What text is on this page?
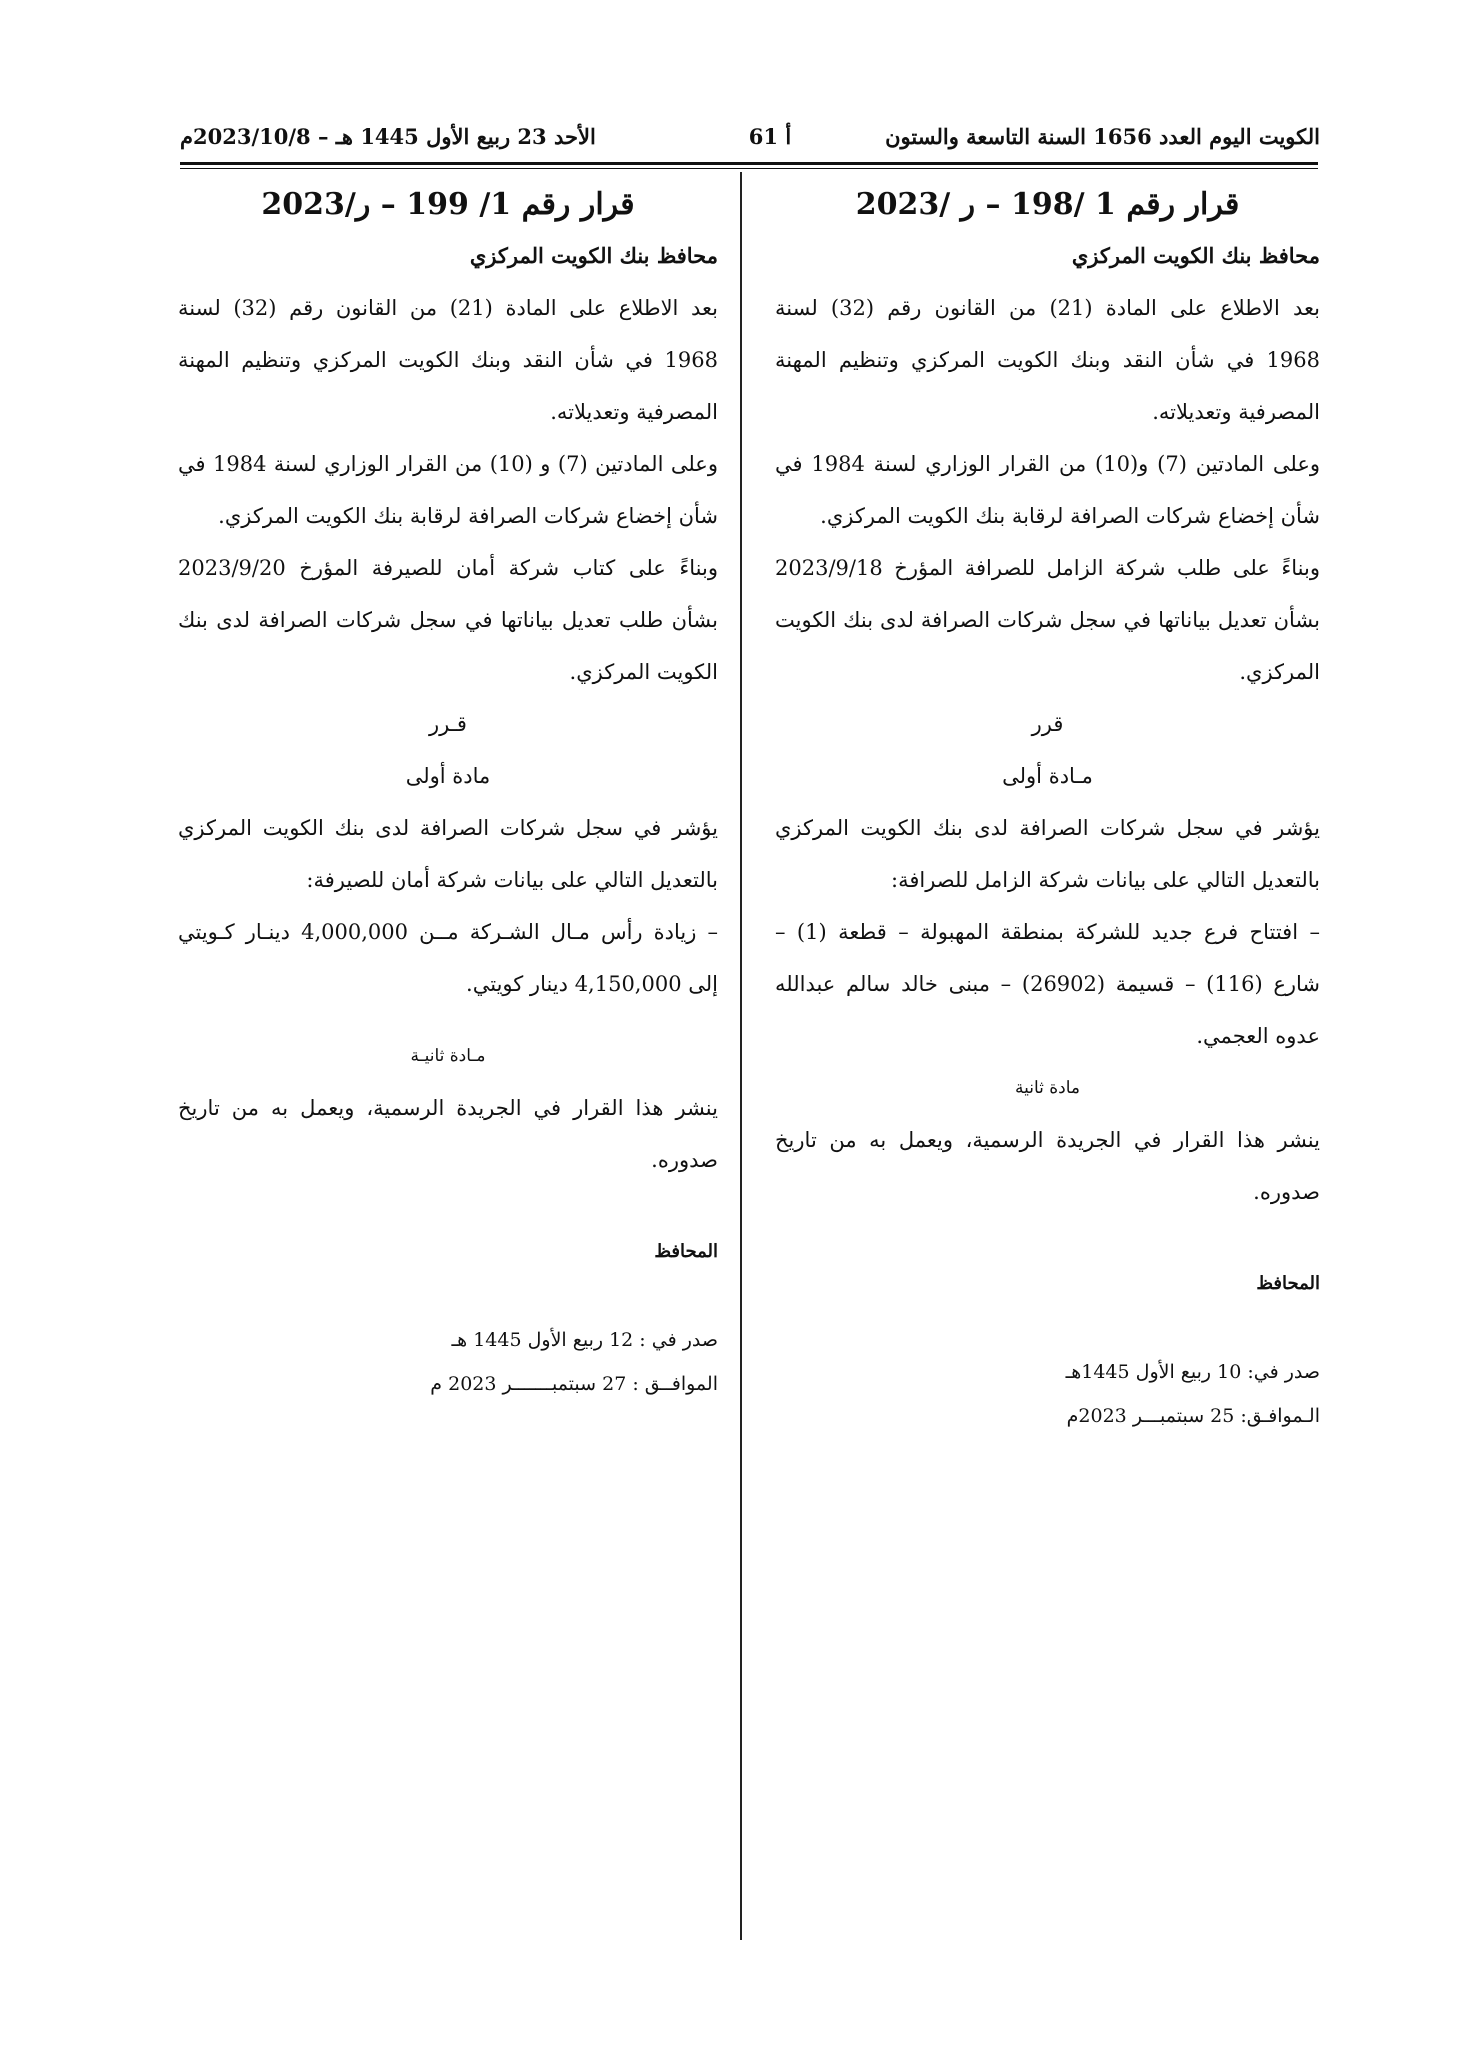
الكويت اليوم العدد 1656 السنة التاسعة والستون
أ 61
الأحد 23 ربيع الأول 1445 هـ – 2023/10/8م

قرار رقم 1 /198 – ر /2023

محافظ بنك الكويت المركزي

بعد الاطلاع على المادة (21) من القانون رقم (32) لسنة 1968 في شأن النقد وبنك الكويت المركزي وتنظيم المهنة المصرفية وتعديلاته.

وعلى المادتين (7) و(10) من القرار الوزاري لسنة 1984 في شأن إخضاع شركات الصرافة لرقابة بنك الكويت المركزي.

وبناءً على طلب شركة الزامل للصرافة المؤرخ 2023/9/18 بشأن تعديل بياناتها في سجل شركات الصرافة لدى بنك الكويت المركزي.

قرر

مـادة أولى

يؤشر في سجل شركات الصرافة لدى بنك الكويت المركزي بالتعديل التالي على بيانات شركة الزامل للصرافة:

– افتتاح فرع جديد للشركة بمنطقة المهبولة – قطعة (1) – شارع (116) – قسيمة (26902) – مبنى خالد سالم عبدالله عدوه العجمي.

مادة ثانية

ينشر هذا القرار في الجريدة الرسمية، ويعمل به من تاريخ صدوره.

المحافظ

صدر في: 10 ربيع الأول 1445هـ

الـموافـق: 25 سبتمبـــر 2023م

قرار رقم 1/ 199 – ر/2023

محافظ بنك الكويت المركزي

بعد الاطلاع على المادة (21) من القانون رقم (32) لسنة 1968 في شأن النقد وبنك الكويت المركزي وتنظيم المهنة المصرفية وتعديلاته.

وعلى المادتين (7) و (10) من القرار الوزاري لسنة 1984 في شأن إخضاع شركات الصرافة لرقابة بنك الكويت المركزي.

وبناءً على كتاب شركة أمان للصيرفة المؤرخ 2023/9/20 بشأن طلب تعديل بياناتها في سجل شركات الصرافة لدى بنك الكويت المركزي.

قـرر

مادة أولى

يؤشر في سجل شركات الصرافة لدى بنك الكويت المركزي بالتعديل التالي على بيانات شركة أمان للصيرفة:

– زيادة رأس مـال الشـركة مــن 4,000,000 دينـار كـويتي إلى 4,150,000 دينار كويتي.

مـادة ثانيـة

ينشر هذا القرار في الجريدة الرسمية، ويعمل به من تاريخ صدوره.

المحافظ

صدر في : 12 ربيع الأول 1445 هـ

الموافــق : 27 سبتمبـــــــر 2023 م
